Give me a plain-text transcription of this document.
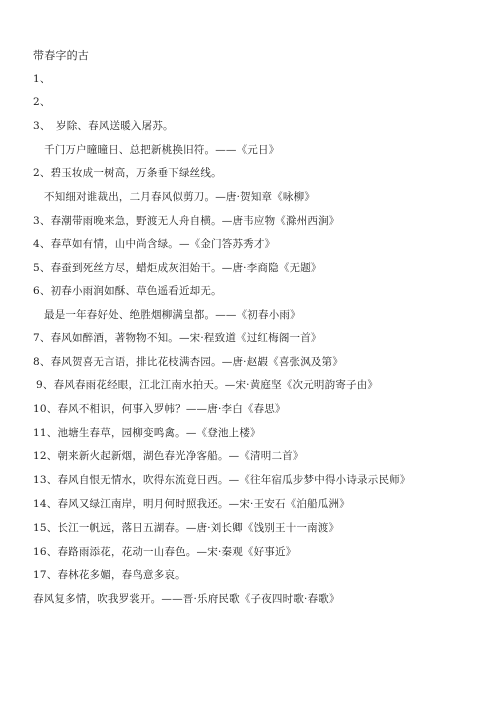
带春字的古
1、
2、
3、　岁除、春风送暖入屠苏。
千门万户曈曈日、总把新桃换旧符。——《元日》
2、碧玉妆成一树高，万条垂下绿丝线。
不知细对谁裁出，二月春风似剪刀。—唐·贺知章《咏柳》
3、春潮带雨晚来急，野渡无人舟自横。—唐韦应物《滁州西涧》
4、春草如有情，山中尚含绿。—《金门答苏秀才》
5、春蚕到死丝方尽，蜡炬成灰泪始干。—唐·李商隐《无题》
6、初春小雨润如酥、草色遥看近却无。
最是一年春好处、绝胜烟柳满皇都。——《初春小雨》
7、春风如醉酒，著物物不知。—宋·程致道《过红梅阁一首》
8、春风贺喜无言语，排比花枝满杏园。—唐·赵嘏《喜张沨及第》
9、春风春雨花经眼，江北江南水拍天。—宋·黄庭坚《次元明韵寄子由》
10、春风不相识，何事入罗帏？——唐·李白《春思》
11、池塘生春草，园柳变鸣禽。—《登池上楼》
12、朝来新火起新烟，湖色春光净客船。—《清明二首》
13、春风自恨无情水，吹得东流竟日西。—《往年宿瓜步梦中得小诗录示民师》
14、春风又绿江南岸，明月何时照我还。—宋·王安石《泊船瓜洲》
15、长江一帆远，落日五湖春。—唐·刘长卿《饯别王十一南渡》
16、春路雨添花，花动一山春色。—宋·秦观《好事近》
17、春林花多媚，春鸟意多哀。
春风复多情，吹我罗裳开。——晋·乐府民歌《子夜四时歌·春歌》
